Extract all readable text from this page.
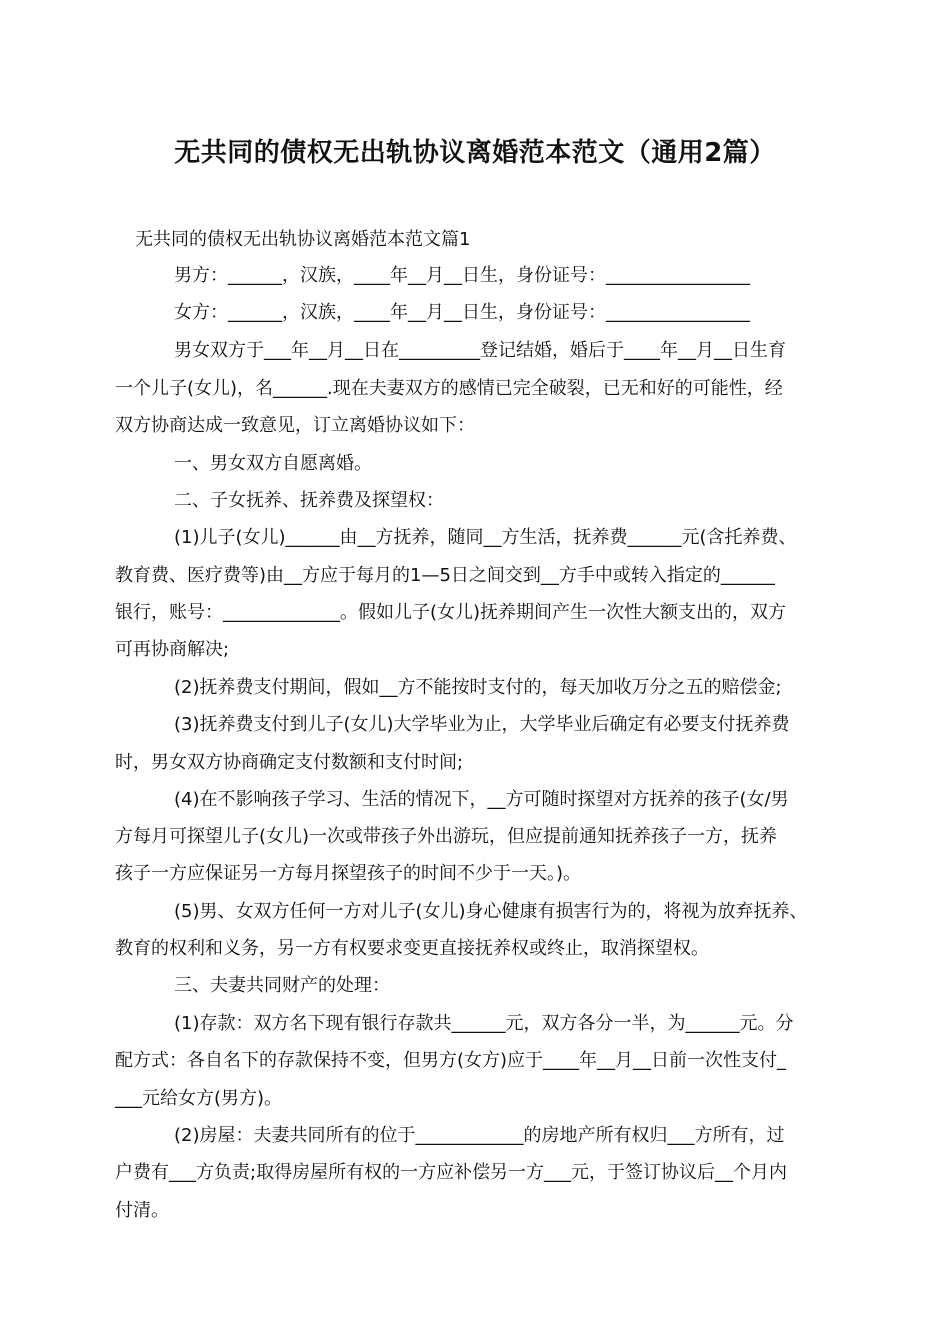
无共同的债权无出轨协议离婚范本范文（通用2篇）
无共同的债权无出轨协议离婚范本范文篇1
男方：______，汉族，____年__月__日生，身份证号：________________
女方：______，汉族，____年__月__日生，身份证号：________________
男女双方于___年__月__日在_________登记结婚，婚后于____年__月__日生育
一个儿子(女儿)，名______.现在夫妻双方的感情已完全破裂，已无和好的可能性，经
双方协商达成一致意见，订立离婚协议如下：
一、男女双方自愿离婚。
二、子女抚养、抚养费及探望权：
(1)儿子(女儿)______由__方抚养，随同__方生活，抚养费______元(含托养费、
教育费、医疗费等)由__方应于每月的1—5日之间交到__方手中或转入指定的______
银行，账号：_____________。假如儿子(女儿)抚养期间产生一次性大额支出的，双方
可再协商解决;
(2)抚养费支付期间，假如__方不能按时支付的，每天加收万分之五的赔偿金;
(3)抚养费支付到儿子(女儿)大学毕业为止，大学毕业后确定有必要支付抚养费
时，男女双方协商确定支付数额和支付时间;
(4)在不影响孩子学习、生活的情况下，__方可随时探望对方抚养的孩子(女/男
方每月可探望儿子(女儿)一次或带孩子外出游玩，但应提前通知抚养孩子一方，抚养
孩子一方应保证另一方每月探望孩子的时间不少于一天。)。
(5)男、女双方任何一方对儿子(女儿)身心健康有损害行为的，将视为放弃抚养、
教育的权利和义务，另一方有权要求变更直接抚养权或终止，取消探望权。
三、夫妻共同财产的处理：
(1)存款：双方名下现有银行存款共______元，双方各分一半，为______元。分
配方式：各自名下的存款保持不变，但男方(女方)应于____年__月__日前一次性支付_
___元给女方(男方)。
(2)房屋：夫妻共同所有的位于____________的房地产所有权归___方所有，过
户费有___方负责;取得房屋所有权的一方应补偿另一方___元，于签订协议后__个月内
付清。
